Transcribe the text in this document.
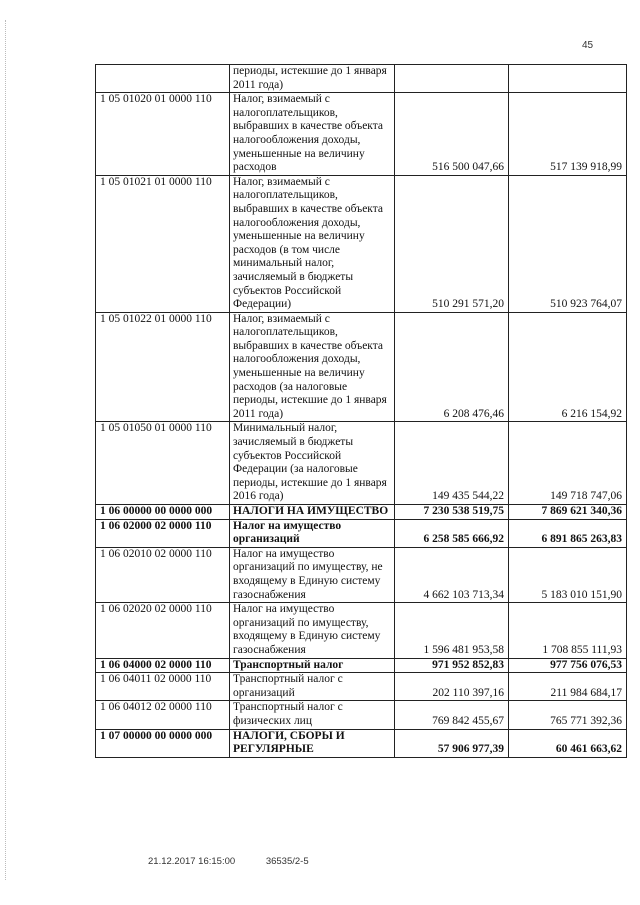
45
	периоды, истекшие до 1 января 2011 года)		
1 05 01020 01 0000 110	Налог, взимаемый с налогоплательщиков, выбравших в качестве объекта налогообложения доходы, уменьшенные на величину расходов	516 500 047,66	517 139 918,99
1 05 01021 01 0000 110	Налог, взимаемый с налогоплательщиков, выбравших в качестве объекта налогообложения доходы, уменьшенные на величину расходов (в том числе минимальный налог, зачисляемый в бюджеты субъектов Российской Федерации)	510 291 571,20	510 923 764,07
1 05 01022 01 0000 110	Налог, взимаемый с налогоплательщиков, выбравших в качестве объекта налогообложения доходы, уменьшенные на величину расходов (за налоговые периоды, истекшие до 1 января 2011 года)	6 208 476,46	6 216 154,92
1 05 01050 01 0000 110	Минимальный налог, зачисляемый в бюджеты субъектов Российской Федерации (за налоговые периоды, истекшие до 1 января 2016 года)	149 435 544,22	149 718 747,06
1 06 00000 00 0000 000	НАЛОГИ НА ИМУЩЕСТВО	7 230 538 519,75	7 869 621 340,36
1 06 02000 02 0000 110	Налог на имущество организаций	6 258 585 666,92	6 891 865 263,83
1 06 02010 02 0000 110	Налог на имущество организаций по имуществу, не входящему в Единую систему газоснабжения	4 662 103 713,34	5 183 010 151,90
1 06 02020 02 0000 110	Налог на имущество организаций по имуществу, входящему в Единую систему газоснабжения	1 596 481 953,58	1 708 855 111,93
1 06 04000 02 0000 110	Транспортный налог	971 952 852,83	977 756 076,53
1 06 04011 02 0000 110	Транспортный налог с организаций	202 110 397,16	211 984 684,17
1 06 04012 02 0000 110	Транспортный налог с физических лиц	769 842 455,67	765 771 392,36
1 07 00000 00 0000 000	НАЛОГИ, СБОРЫ И РЕГУЛЯРНЫЕ	57 906 977,39	60 461 663,62
21.12.2017 16:15:00	36535/2-5
